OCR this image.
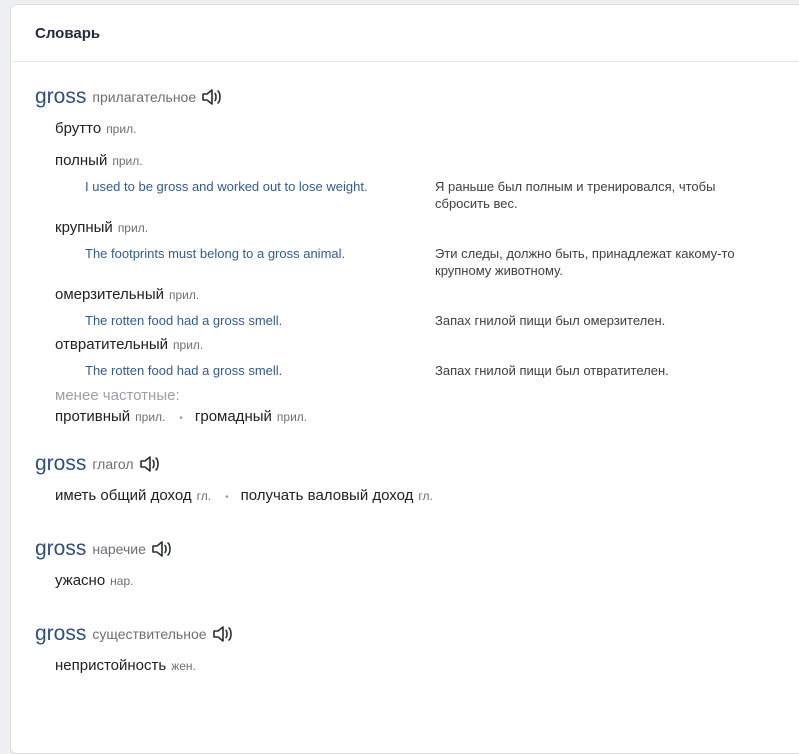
Словарь
gross прилагательное
брутто прил.
полный прил.
I used to be gross and worked out to lose weight.	Я раньше был полным и тренировался, чтобы сбросить вес.
крупный прил.
The footprints must belong to a gross animal.	Эти следы, должно быть, принадлежат какому-то крупному животному.
омерзительный прил.
The rotten food had a gross smell.	Запах гнилой пищи был омерзителен.
отвратительный прил.
The rotten food had a gross smell.	Запах гнилой пищи был отвратителен.
менее частотные:
противный прил. • громадный прил.
gross глагол
иметь общий доход гл. • получать валовый доход гл.
gross наречие
ужасно нар.
gross существительное
непристойность жен.
